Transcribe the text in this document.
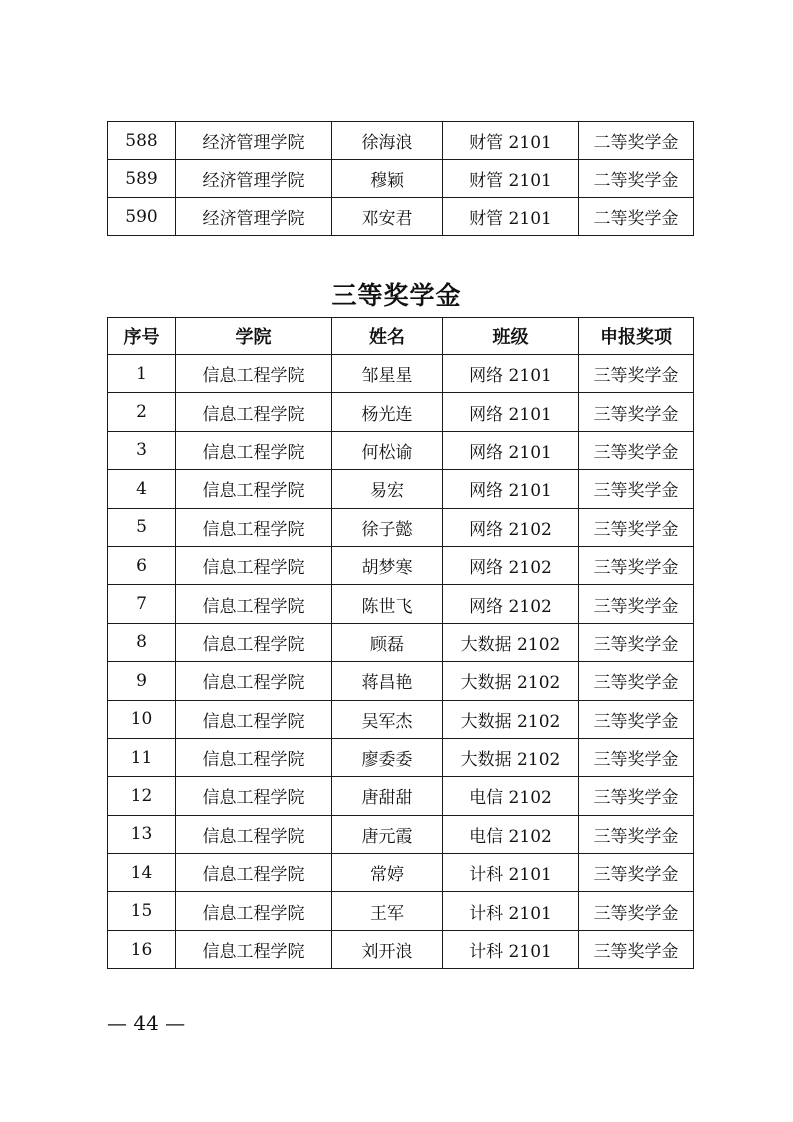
588	经济管理学院	徐海浪	财管 2101	二等奖学金
589	经济管理学院	穆颖	财管 2101	二等奖学金
590	经济管理学院	邓安君	财管 2101	二等奖学金
三等奖学金
序号	学院	姓名	班级	申报奖项
1	信息工程学院	邹星星	网络 2101	三等奖学金
2	信息工程学院	杨光连	网络 2101	三等奖学金
3	信息工程学院	何松谕	网络 2101	三等奖学金
4	信息工程学院	易宏	网络 2101	三等奖学金
5	信息工程学院	徐子懿	网络 2102	三等奖学金
6	信息工程学院	胡梦寒	网络 2102	三等奖学金
7	信息工程学院	陈世飞	网络 2102	三等奖学金
8	信息工程学院	顾磊	大数据 2102	三等奖学金
9	信息工程学院	蒋昌艳	大数据 2102	三等奖学金
10	信息工程学院	吴军杰	大数据 2102	三等奖学金
11	信息工程学院	廖委委	大数据 2102	三等奖学金
12	信息工程学院	唐甜甜	电信 2102	三等奖学金
13	信息工程学院	唐元霞	电信 2102	三等奖学金
14	信息工程学院	常婷	计科 2101	三等奖学金
15	信息工程学院	王军	计科 2101	三等奖学金
16	信息工程学院	刘开浪	计科 2101	三等奖学金
— 44 —
